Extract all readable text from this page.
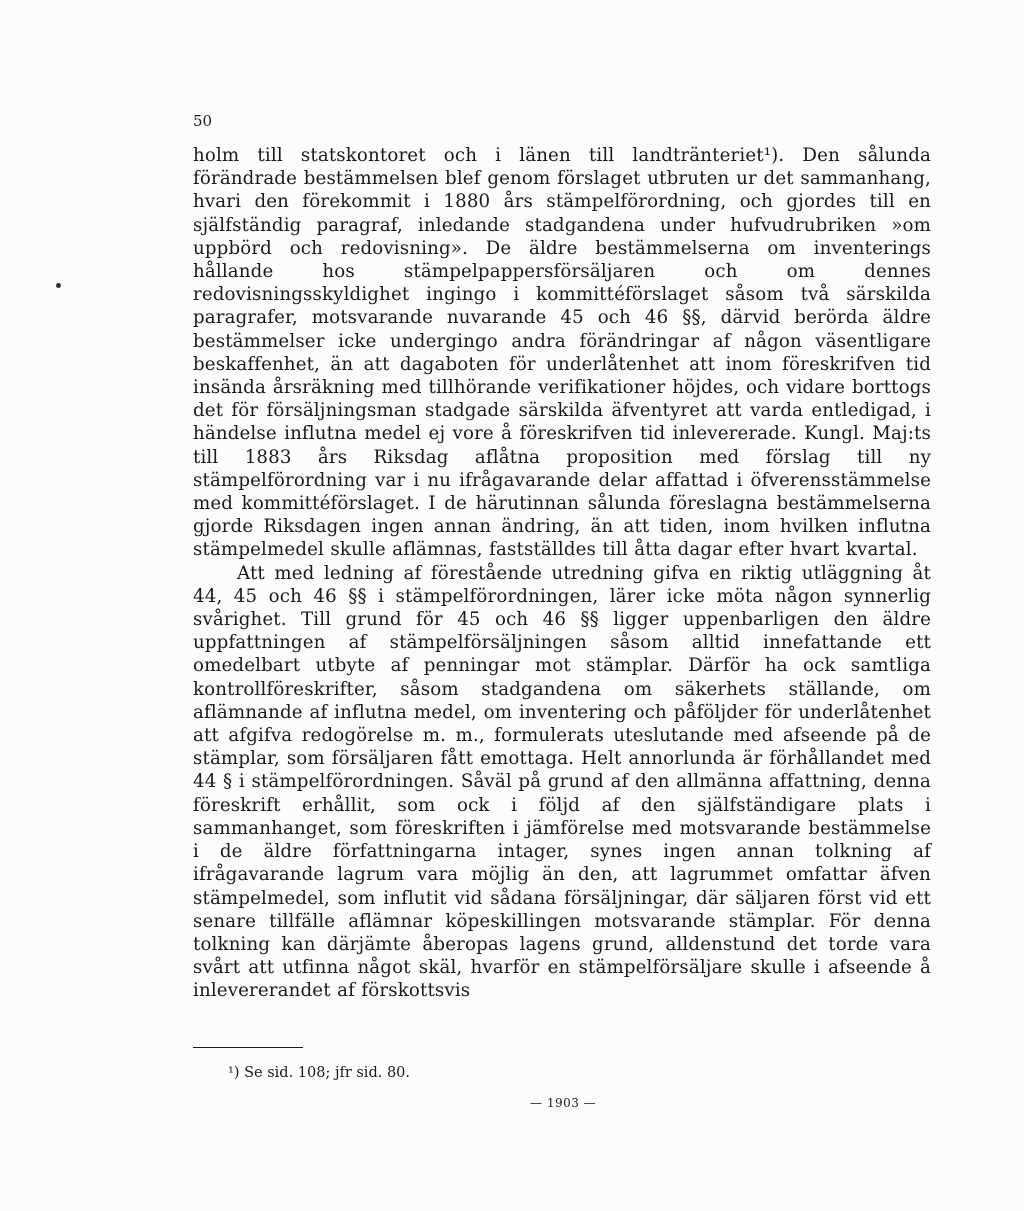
50

holm till statskontoret och i länen till landtränteriet¹). Den sålunda förändrade bestämmelsen blef genom förslaget utbruten ur det sammanhang, hvari den förekommit i 1880 års stämpelförordning, och gjordes till en själfständig paragraf, inledande stadgandena under hufvudrubriken »om uppbörd och redovisning». De äldre bestämmelserna om inventerings hållande hos stämpelpappersförsäljaren och om dennes redovisningsskyldighet ingingo i kommittéförslaget såsom två särskilda paragrafer, motsvarande nuvarande 45 och 46 §§, därvid berörda äldre bestämmelser icke undergingo andra förändringar af någon väsentligare beskaffenhet, än att dagaboten för underlåtenhet att inom föreskrifven tid insända årsräkning med tillhörande verifikationer höjdes, och vidare borttogs det för försäljningsman stadgade särskilda äfventyret att varda entledigad, i händelse influtna medel ej vore å föreskrifven tid inlevererade. Kungl. Maj:ts till 1883 års Riksdag aflåtna proposition med förslag till ny stämpelförordning var i nu ifrågavarande delar affattad i öfverensstämmelse med kommittéförslaget. I de härutinnan sålunda föreslagna bestämmelserna gjorde Riksdagen ingen annan ändring, än att tiden, inom hvilken influtna stämpelmedel skulle aflämnas, fastställdes till åtta dagar efter hvart kvartal.

Att med ledning af förestående utredning gifva en riktig utläggning åt 44, 45 och 46 §§ i stämpelförordningen, lärer icke möta någon synnerlig svårighet. Till grund för 45 och 46 §§ ligger uppenbarligen den äldre uppfattningen af stämpelförsäljningen såsom alltid innefattande ett omedelbart utbyte af penningar mot stämplar. Därför ha ock samtliga kontrollföreskrifter, såsom stadgandena om säkerhets ställande, om aflämnande af influtna medel, om inventering och påföljder för underlåtenhet att afgifva redogörelse m. m., formulerats uteslutande med afseende på de stämplar, som försäljaren fått emottaga. Helt annorlunda är förhållandet med 44 § i stämpelförordningen. Såväl på grund af den allmänna affattning, denna föreskrift erhållit, som ock i följd af den själfständigare plats i sammanhanget, som föreskriften i jämförelse med motsvarande bestämmelse i de äldre författningarna intager, synes ingen annan tolkning af ifrågavarande lagrum vara möjlig än den, att lagrummet omfattar äfven stämpelmedel, som influtit vid sådana försäljningar, där säljaren först vid ett senare tillfälle aflämnar köpeskillingen motsvarande stämplar. För denna tolkning kan därjämte åberopas lagens grund, alldenstund det torde vara svårt att utfinna något skäl, hvarför en stämpelförsäljare skulle i afseende å inlevererandet af förskottsvis

¹) Se sid. 108; jfr sid. 80.
— 1903 —
